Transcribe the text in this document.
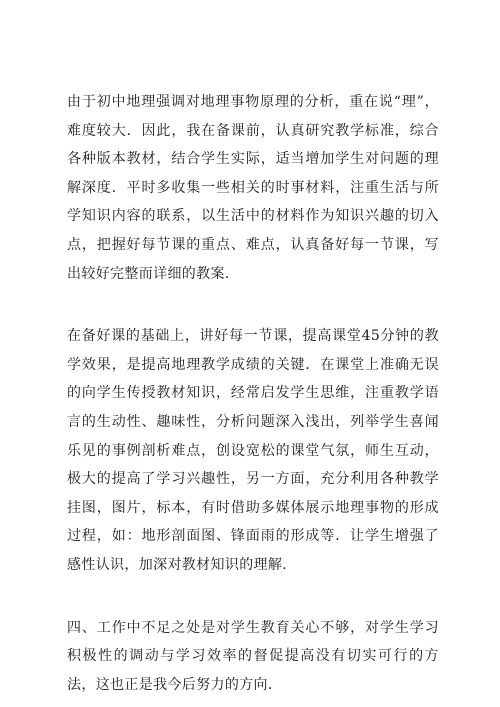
由于初中地理强调对地理事物原理的分析，重在说“理”，难度较大．因此，我在备课前，认真研究教学标准，综合各种版本教材，结合学生实际，适当增加学生对问题的理解深度．平时多收集一些相关的时事材料，注重生活与所学知识内容的联系，以生活中的材料作为知识兴趣的切入点，把握好每节课的重点、难点，认真备好每一节课，写出较好完整而详细的教案．

在备好课的基础上，讲好每一节课，提高课堂45分钟的教学效果，是提高地理教学成绩的关键．在课堂上准确无误的向学生传授教材知识，经常启发学生思维，注重教学语言的生动性、趣味性，分析问题深入浅出，列举学生喜闻乐见的事例剖析难点，创设宽松的课堂气氛，师生互动，极大的提高了学习兴趣性，另一方面，充分利用各种教学挂图，图片，标本，有时借助多媒体展示地理事物的形成过程，如：地形剖面图、锋面雨的形成等．让学生增强了感性认识，加深对教材知识的理解．

四、工作中不足之处是对学生教育关心不够，对学生学习积极性的调动与学习效率的督促提高没有切实可行的方法，这也正是我今后努力的方向．
